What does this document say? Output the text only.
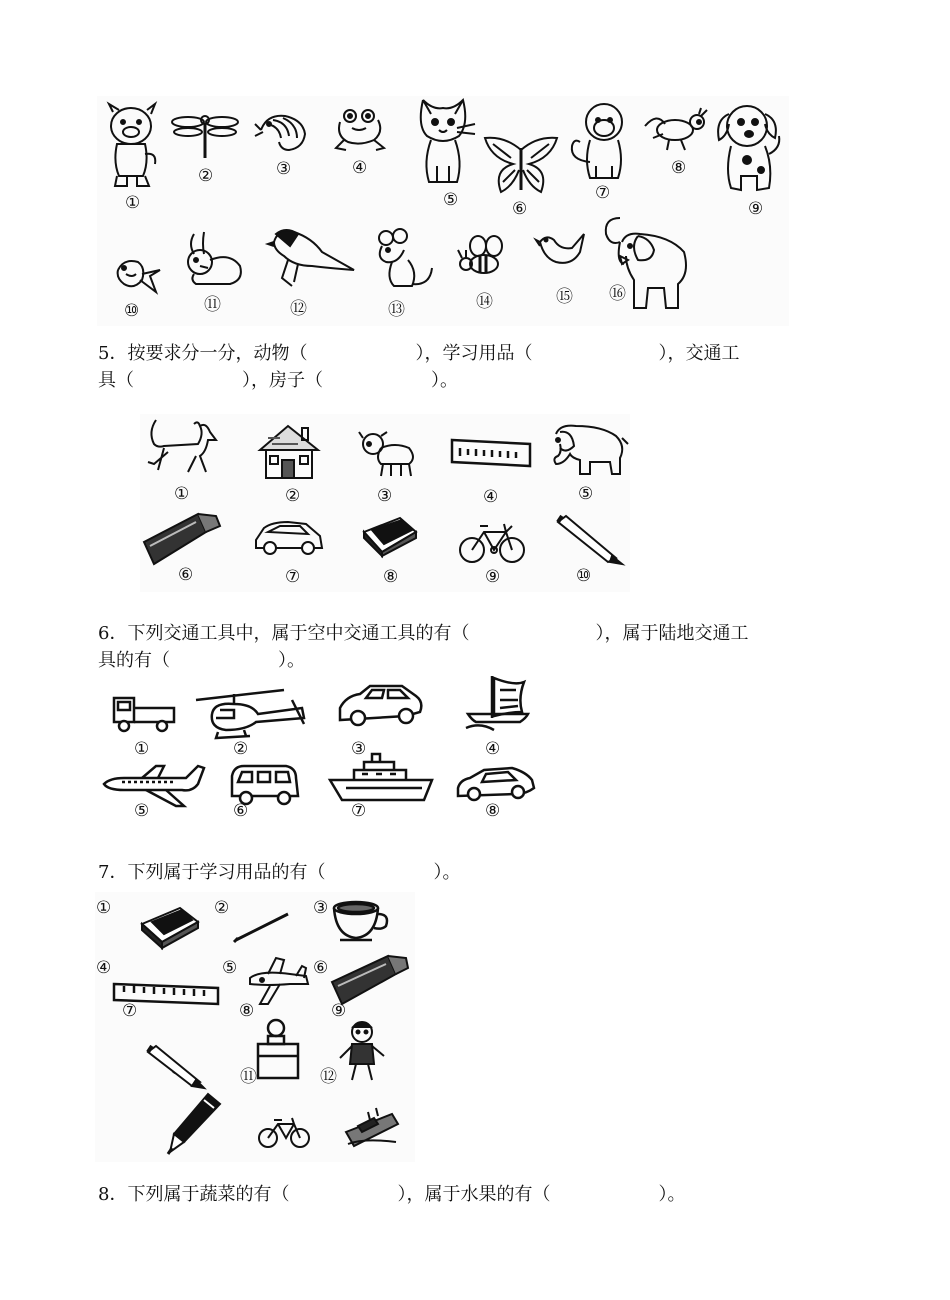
①
②	③	④
⑤	⑥
⑦
⑧
⑨
⑩	⑪	⑫	⑬	⑭	⑮ ⑯
5．按要求分一分，动物（　　　　　　），学习用品（　　　　　　　），交通工
具（　　　　　　），房子（　　　　　　）。
①	②	③	④	⑤
⑥	⑦	⑧	⑨	⑩
6．下列交通工具中，属于空中交通工具的有（　　　　　　　），属于陆地交通工
具的有（　　　　　　）。
①	②	③	④
⑤	⑥	⑦	⑧
7．下列属于学习用品的有（　　　　　　）。
①	②	③
④	⑤	⑥
⑦	⑧	⑨
⑪	⑫
8．下列属于蔬菜的有（　　　　　　），属于水果的有（　　　　　　）。
